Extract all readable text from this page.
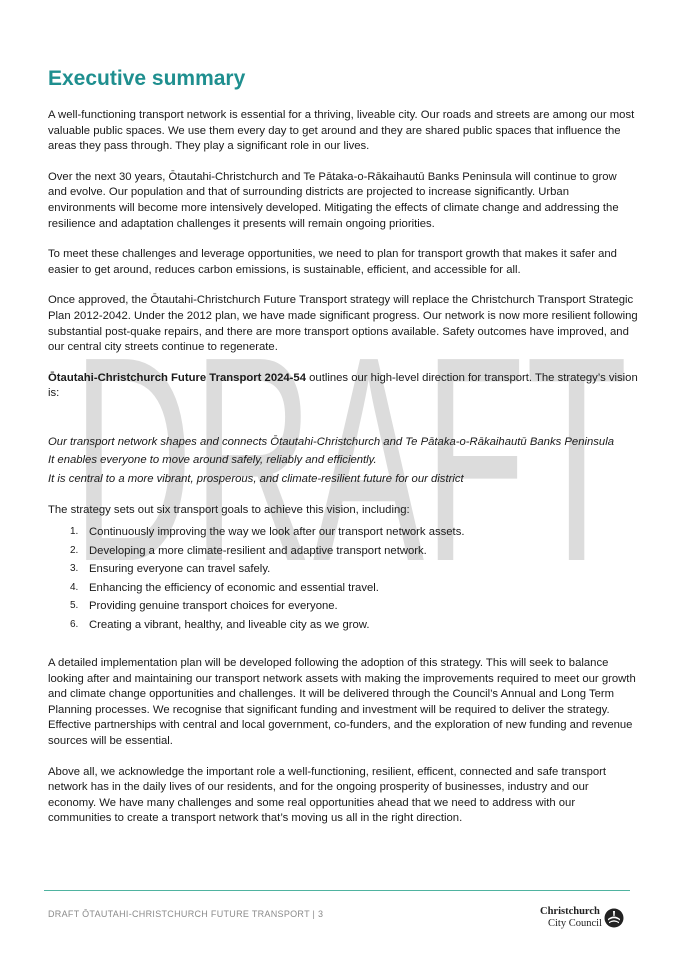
DRAFT
Executive summary

A well-functioning transport network is essential for a thriving, liveable city. Our roads and streets are among our most valuable public spaces. We use them every day to get around and they are shared public spaces that influence the areas they pass through. They play a significant role in our lives.

Over the next 30 years, Ōtautahi-Christchurch and Te Pātaka-o-Rākaihautū Banks Peninsula will continue to grow and evolve. Our population and that of surrounding districts are projected to increase significantly. Urban environments will become more intensively developed. Mitigating the effects of climate change and addressing the resilience and adaptation challenges it presents will remain ongoing priorities.

To meet these challenges and leverage opportunities, we need to plan for transport growth that makes it safer and easier to get around, reduces carbon emissions, is sustainable, efficient, and accessible for all.

Once approved, the Ōtautahi-Christchurch Future Transport strategy will replace the Christchurch Transport Strategic Plan 2012-2042. Under the 2012 plan, we have made significant progress. Our network is now more resilient following substantial post-quake repairs, and there are more transport options available. Safety outcomes have improved, and our central city streets continue to regenerate.

Ōtautahi-Christchurch Future Transport 2024-54 outlines our high-level direction for transport. The strategy’s vision is:

Our transport network shapes and connects Ōtautahi-Christchurch and Te Pātaka-o-Rākaihautū Banks Peninsula
It enables everyone to move around safely, reliably and efficiently.
It is central to a more vibrant, prosperous, and climate-resilient future for our district

The strategy sets out six transport goals to achieve this vision, including:

1. Continuously improving the way we look after our transport network assets.
2. Developing a more climate-resilient and adaptive transport network.
3. Ensuring everyone can travel safely.
4. Enhancing the efficiency of economic and essential travel.
5. Providing genuine transport choices for everyone.
6. Creating a vibrant, healthy, and liveable city as we grow.

A detailed implementation plan will be developed following the adoption of this strategy. This will seek to balance looking after and maintaining our transport network assets with making the improvements required to meet our growth and climate change opportunities and challenges. It will be delivered through the Council’s Annual and Long Term Planning processes. We recognise that significant funding and investment will be required to deliver the strategy. Effective partnerships with central and local government, co-funders, and the exploration of new funding and revenue sources will be essential.

Above all, we acknowledge the important role a well-functioning, resilient, efficent, connected and safe transport network has in the daily lives of our residents, and for the ongoing prosperity of businesses, industry and our economy. We have many challenges and some real opportunities ahead that we need to address with our communities to create a transport network that’s moving us all in the right direction.

DRAFT ŌTAUTAHI-CHRISTCHURCH FUTURE TRANSPORT | 3	Christchurch
City Council
